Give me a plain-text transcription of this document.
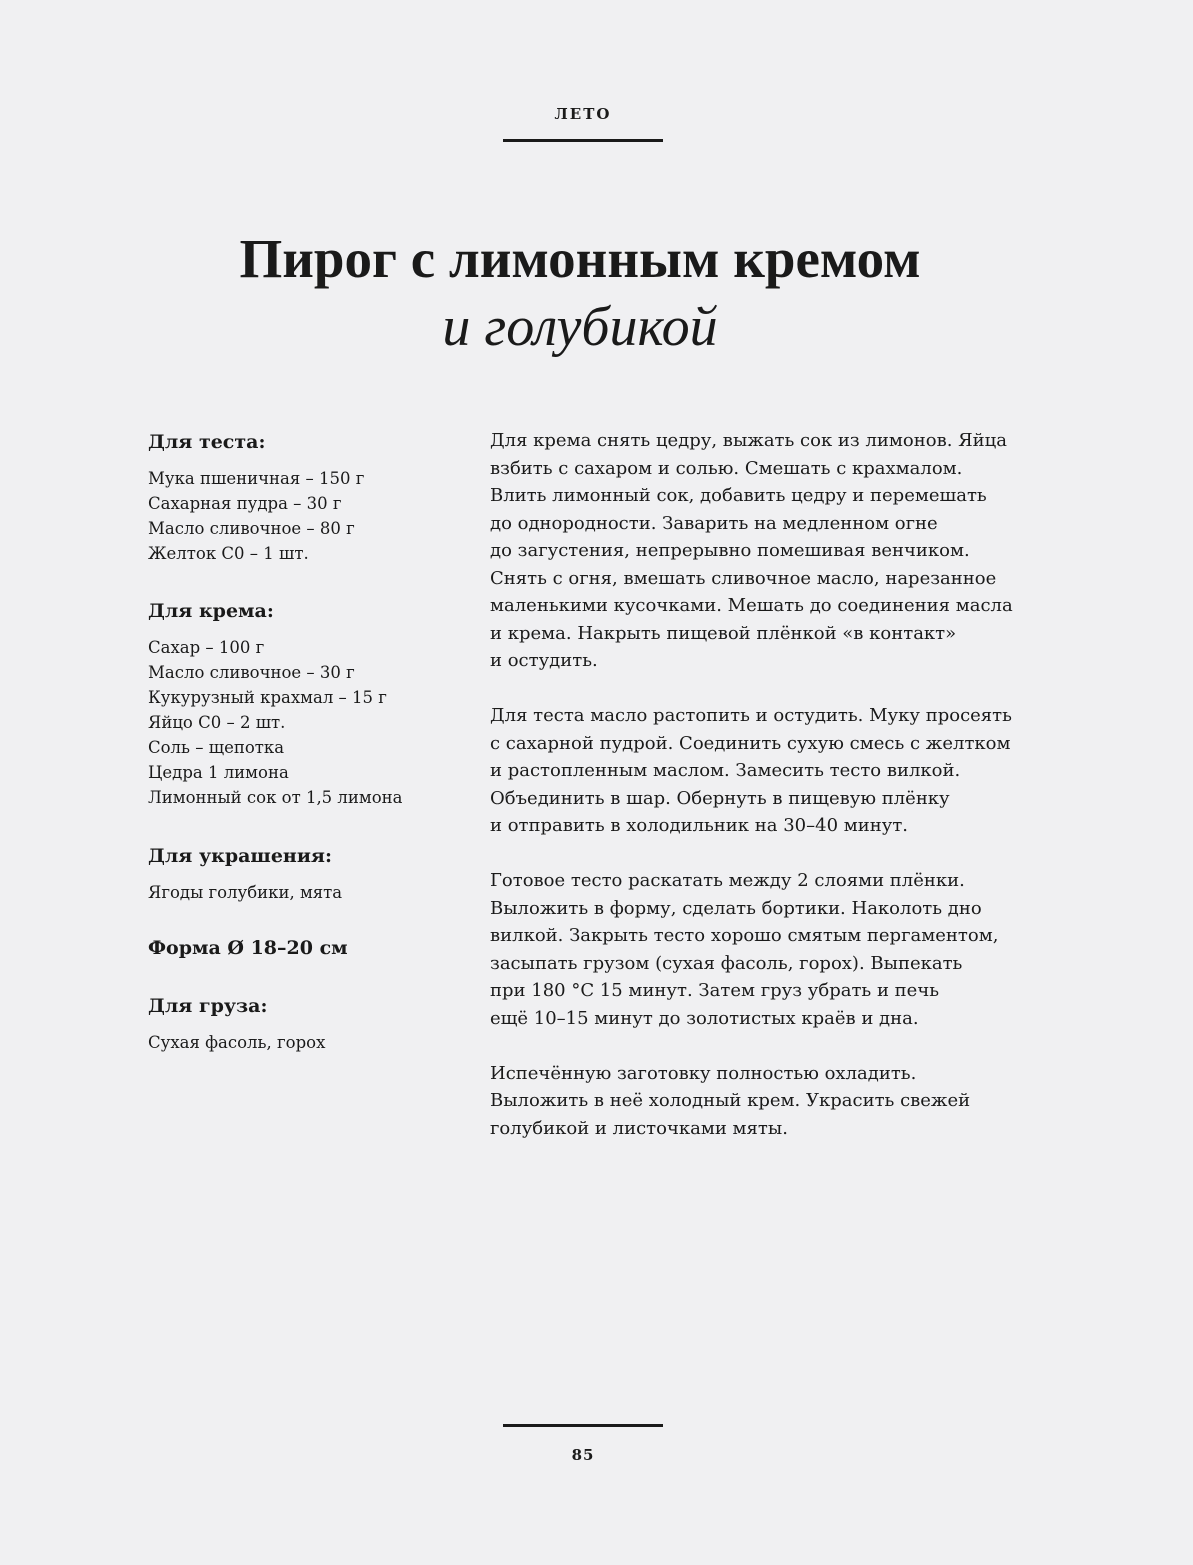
ЛЕТО
Пирог с лимонным кремом
и голубикой

Для теста:

Мука пшеничная – 150 г
Сахарная пудра – 30 г
Масло сливочное – 80 г
Желток С0 – 1 шт.

Для крема:

Сахар – 100 г
Масло сливочное – 30 г
Кукурузный крахмал – 15 г
Яйцо С0 – 2 шт.
Соль – щепотка
Цедра 1 лимона
Лимонный сок от 1,5 лимона

Для украшения:

Ягоды голубики, мята

Форма Ø 18–20 см

Для груза:

Сухая фасоль, горох

Для крема снять цедру, выжать сок из лимонов. Яйца
взбить с сахаром и солью. Смешать с крахмалом.
Влить лимонный сок, добавить цедру и перемешать
до однородности. Заварить на медленном огне
до загустения, непрерывно помешивая венчиком.
Снять с огня, вмешать сливочное масло, нарезанное
маленькими кусочками. Мешать до соединения масла
и крема. Накрыть пищевой плёнкой «в контакт»
и остудить.

Для теста масло растопить и остудить. Муку просеять
с сахарной пудрой. Соединить сухую смесь с желтком
и растопленным маслом. Замесить тесто вилкой.
Объединить в шар. Обернуть в пищевую плёнку
и отправить в холодильник на 30–40 минут.

Готовое тесто раскатать между 2 слоями плёнки.
Выложить в форму, сделать бортики. Наколоть дно
вилкой. Закрыть тесто хорошо смятым пергаментом,
засыпать грузом (сухая фасоль, горох). Выпекать
при 180 °С 15 минут. Затем груз убрать и печь
ещё 10–15 минут до золотистых краёв и дна.

Испечённую заготовку полностью охладить.
Выложить в неё холодный крем. Украсить свежей
голубикой и листочками мяты.

85
